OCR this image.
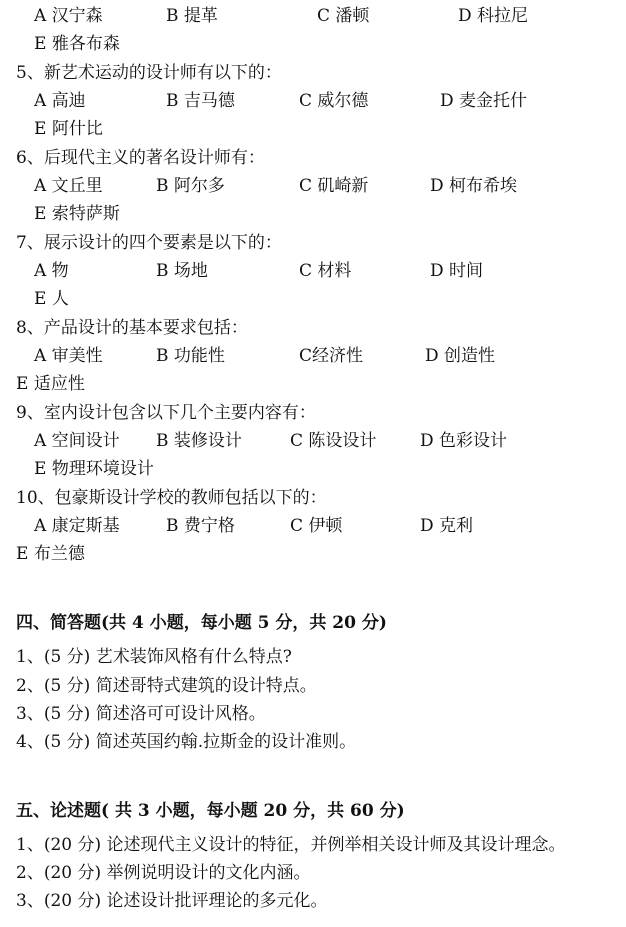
A 汉宁森	B 提革	C 潘顿	D 科拉尼
E 雅各布森
5、新艺术运动的设计师有以下的：
A 高迪	B 吉马德	C 威尔德	D 麦金托什
E 阿什比
6、后现代主义的著名设计师有：
A 文丘里	B 阿尔多	C 矶崎新	D 柯布希埃
E 索特萨斯
7、展示设计的四个要素是以下的：
A 物	B 场地	C 材料	D 时间
E 人
8、产品设计的基本要求包括：
A 审美性	B 功能性	C经济性	D 创造性
E 适应性
9、室内设计包含以下几个主要内容有：
A 空间设计 B 装修设计	C 陈设设计	D 色彩设计
E 物理环境设计
10、包豪斯设计学校的教师包括以下的：
A 康定斯基	B 费宁格	C 伊顿	D 克利
E 布兰德
四、简答题(共 4 小题，每小题 5 分，共 20 分)
1、(5 分) 艺术装饰风格有什么特点?
2、(5 分) 简述哥特式建筑的设计特点。
3、(5 分) 简述洛可可设计风格。
4、(5 分) 简述英国约翰.拉斯金的设计准则。
五、论述题( 共 3 小题，每小题 20 分，共 60 分)
1、(20 分) 论述现代主义设计的特征，并例举相关设计师及其设计理念。
2、(20 分) 举例说明设计的文化内涵。
3、(20 分) 论述设计批评理论的多元化。
